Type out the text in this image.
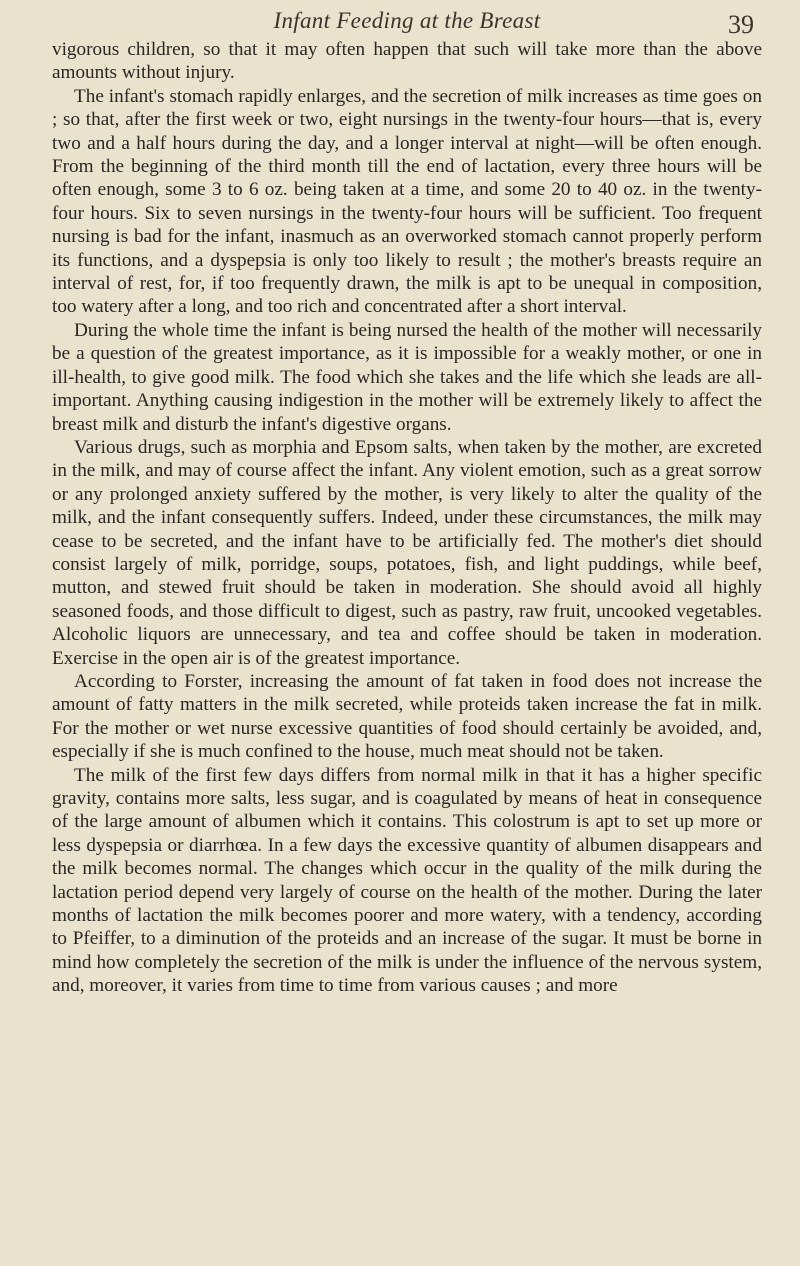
Infant Feeding at the Breast	39

vigorous children, so that it may often happen that such will take more than the above amounts without injury.

The infant's stomach rapidly enlarges, and the secretion of milk increases as time goes on ; so that, after the first week or two, eight nursings in the twenty-four hours—that is, every two and a half hours during the day, and a longer interval at night—will be often enough. From the beginning of the third month till the end of lactation, every three hours will be often enough, some 3 to 6 oz. being taken at a time, and some 20 to 40 oz. in the twenty-four hours. Six to seven nursings in the twenty-four hours will be sufficient. Too frequent nursing is bad for the infant, inasmuch as an overworked stomach cannot properly perform its functions, and a dyspepsia is only too likely to result ; the mother's breasts require an interval of rest, for, if too frequently drawn, the milk is apt to be unequal in composition, too watery after a long, and too rich and concentrated after a short interval.

During the whole time the infant is being nursed the health of the mother will necessarily be a question of the greatest importance, as it is impossible for a weakly mother, or one in ill-health, to give good milk. The food which she takes and the life which she leads are all-important. Anything causing indigestion in the mother will be extremely likely to affect the breast milk and disturb the infant's digestive organs.

Various drugs, such as morphia and Epsom salts, when taken by the mother, are excreted in the milk, and may of course affect the infant. Any violent emotion, such as a great sorrow or any prolonged anxiety suffered by the mother, is very likely to alter the quality of the milk, and the infant consequently suffers. Indeed, under these circumstances, the milk may cease to be secreted, and the infant have to be artificially fed. The mother's diet should consist largely of milk, porridge, soups, potatoes, fish, and light puddings, while beef, mutton, and stewed fruit should be taken in moderation. She should avoid all highly seasoned foods, and those difficult to digest, such as pastry, raw fruit, uncooked vegetables. Alcoholic liquors are unnecessary, and tea and coffee should be taken in moderation. Exercise in the open air is of the greatest importance.

According to Forster, increasing the amount of fat taken in food does not increase the amount of fatty matters in the milk secreted, while proteids taken increase the fat in milk. For the mother or wet nurse excessive quantities of food should certainly be avoided, and, especially if she is much confined to the house, much meat should not be taken.

The milk of the first few days differs from normal milk in that it has a higher specific gravity, contains more salts, less sugar, and is coagulated by means of heat in consequence of the large amount of albumen which it contains. This colostrum is apt to set up more or less dyspepsia or diarrhœa. In a few days the excessive quantity of albumen disappears and the milk becomes normal. The changes which occur in the quality of the milk during the lactation period depend very largely of course on the health of the mother. During the later months of lactation the milk becomes poorer and more watery, with a tendency, according to Pfeiffer, to a diminution of the proteids and an increase of the sugar. It must be borne in mind how completely the secretion of the milk is under the influence of the nervous system, and, moreover, it varies from time to time from various causes ; and more
